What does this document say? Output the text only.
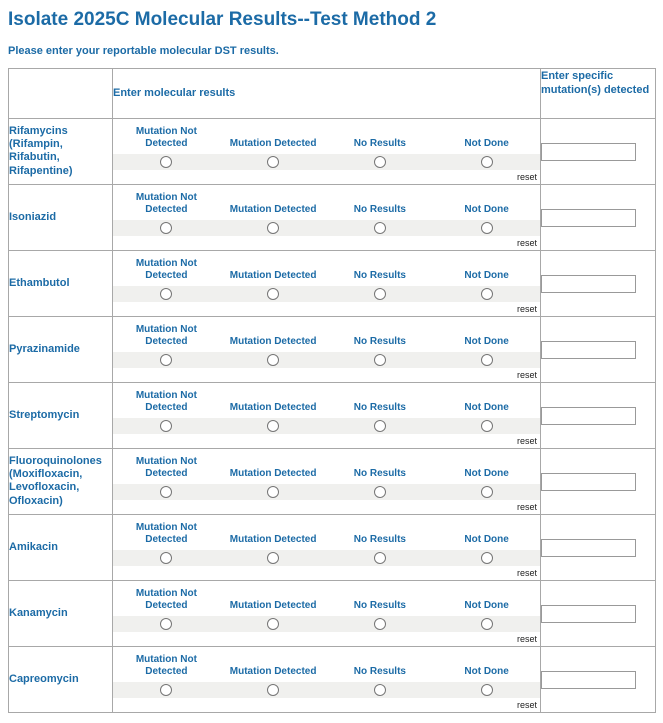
Isolate 2025C Molecular Results--Test Method 2
Please enter your reportable molecular DST results.
	Enter molecular results	Enter specific mutation(s) detected
Rifamycins (Rifampin, Rifabutin, Rifapentine)	Mutation Not Detected Mutation Detected No Results Not Done
reset

Isoniazid	Mutation Not Detected Mutation Detected No Results Not Done
reset

Ethambutol	Mutation Not Detected Mutation Detected No Results Not Done
reset

Pyrazinamide	Mutation Not Detected Mutation Detected No Results Not Done
reset

Streptomycin	Mutation Not Detected Mutation Detected No Results Not Done
reset

Fluoroquinolones (Moxifloxacin, Levofloxacin, Ofloxacin)	Mutation Not Detected Mutation Detected No Results Not Done
reset

Amikacin	Mutation Not Detected Mutation Detected No Results Not Done
reset

Kanamycin	Mutation Not Detected Mutation Detected No Results Not Done
reset

Capreomycin	Mutation Not Detected Mutation Detected No Results Not Done
reset
